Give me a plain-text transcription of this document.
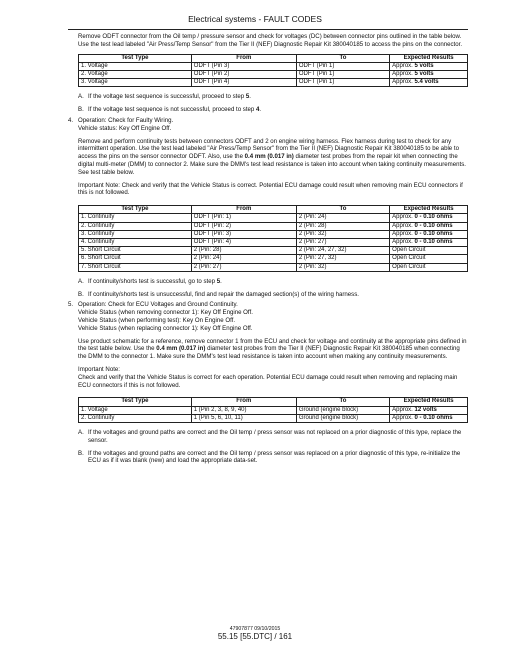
Electrical systems - FAULT CODES

Remove ODFT connector from the Oil temp / pressure sensor and check for voltages (DC) between connector pins outlined in the table below. Use the test lead labeled "Air Press/Temp Sensor" from the Tier II (NEF) Diagnostic Repair Kit 380040185 to access the pins on the connector.

Test Type	From	To	Expected Results
1. Voltage	ODFT (Pin 3)	ODFT (Pin 1)	Approx. 5 volts
2. Voltage	ODFT (Pin 2)	ODFT (Pin 1)	Approx. 5 volts
3. Voltage	ODFT (Pin 4)	ODFT (Pin 1)	Approx. 5.4 volts
A. If the voltage test sequence is successful, proceed to step 5.

B. If the voltage test sequence is not successful, proceed to step 4.
4. Operation: Check for Faulty Wiring.

Vehicle status: Key Off Engine Off.

Remove and perform continuity tests between connectors ODFT and 2 on engine wiring harness. Flex harness during test to check for any intermittent operation. Use the test lead labeled "Air Press/Temp Sensor" from the Tier II (NEF) Diagnostic Repair Kit 380040185 to be able to access the pins on the sensor connector ODFT. Also, use the 0.4 mm (0.017 in) diameter test probes from the repair kit when connecting the digital multi-meter (DMM) to connector 2. Make sure the DMM's test lead resistance is taken into account when taking continuity measurements. See test table below.

Important Note: Check and verify that the Vehicle Status is correct. Potential ECU damage could result when removing main ECU connectors if this is not followed.

Test Type	From	To	Expected Results
1. Continuity	ODFT (Pin: 1)	2 (Pin: 24)	Approx. 0 - 0.10 ohms
2. Continuity	ODFT (Pin: 2)	2 (Pin: 28)	Approx. 0 - 0.10 ohms
3. Continuity	ODFT (Pin: 3)	2 (Pin: 32)	Approx. 0 - 0.10 ohms
4. Continuity	ODFT (Pin: 4)	2 (Pin: 27)	Approx. 0 - 0.10 ohms
5. Short Circuit	2 (Pin: 28)	2 (Pin: 24, 27, 32)	Open Circuit
6. Short Circuit	2 (Pin: 24)	2 (Pin: 27, 32)	Open Circuit
7. Short Circuit	2 (Pin: 27)	2 (Pin: 32)	Open Circuit
A. If continuity/shorts test is successful, go to step 5.

B. If continuity/shorts test is unsuccessful, find and repair the damaged section(s) of the wiring harness.
5. Operation: Check for ECU Voltages and Ground Continuity.
Vehicle Status (when removing connector 1): Key Off Engine Off.
Vehicle Status (when performing test): Key On Engine Off.

Vehicle Status (when replacing connector 1): Key Off Engine Off.

Use product schematic for a reference, remove connector 1 from the ECU and check for voltage and continuity at the appropriate pins defined in the test table below. Use the 0.4 mm (0.017 in) diameter test probes from the Tier II (NEF) Diagnostic Repair Kit 380040185 when connecting the DMM to the connector 1. Make sure the DMM's test lead resistance is taken into account when making any continuity measurements.

Important Note:

Check and verify that the Vehicle Status is correct for each operation. Potential ECU damage could result when removing and replacing main ECU connectors if this is not followed.

Test Type	From	To	Expected Results
1. Voltage	1 (Pin 2, 3, 8, 9, 40)	Ground (engine block)	Approx. 12 volts
2. Continuity	1 (Pin 5, 6, 10, 11)	Ground (engine block)	Approx. 0 - 0.10 ohms
A. If the voltages and ground paths are correct and the Oil temp / press sensor was not replaced on a prior diagnostic of this type, replace the sensor.

B. If the voltages and ground paths are correct and the Oil temp / press sensor was replaced on a prior diagnostic of this type, re-initialize the ECU as if it was blank (new) and load the appropriate data-set.
47907877 09/10/2015
55.15 [55.DTC] / 161
